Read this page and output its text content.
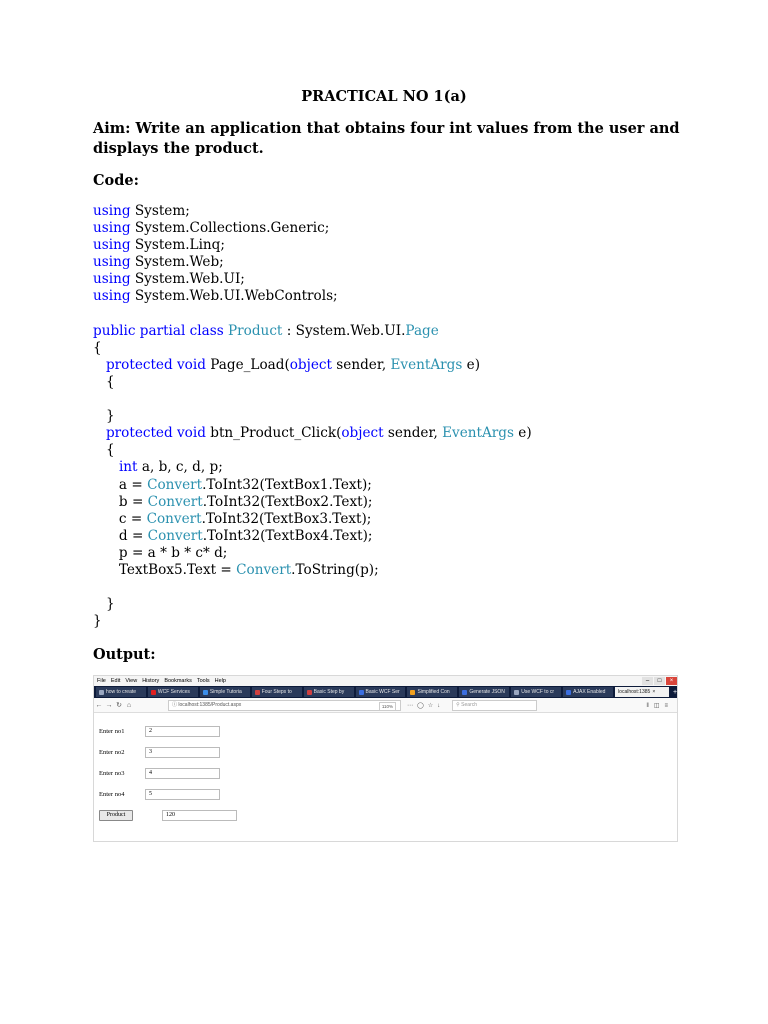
PRACTICAL NO 1(a)
Aim: Write an application that obtains four int values from the user and displays the product.
Code:
using System;
using System.Collections.Generic;
using System.Linq;
using System.Web;
using System.Web.UI;
using System.Web.UI.WebControls;
public partial class Product : System.Web.UI.Page
{
protected void Page_Load(object sender, EventArgs e)
{
}
protected void btn_Product_Click(object sender, EventArgs e)
{
int a, b, c, d, p;
a = Convert.ToInt32(TextBox1.Text);
b = Convert.ToInt32(TextBox2.Text);
c = Convert.ToInt32(TextBox3.Text);
d = Convert.ToInt32(TextBox4.Text);
p = a * b * c* d;
TextBox5.Text = Convert.ToString(p);
}
}
Output:
File Edit View History Bookmarks Tools Help	–	□	×
how to create	WCF Services	Simple Tutoria	Four Steps to	Basic Step by	Basic WCF Ser	Simplified Con	Generate JSON	Use WCF to cr	AJAX Enabled	localhost:1385 ×	+
← → ↻ ⌂	ⓘ localhost:1385/Product.aspx	110%	⋯◯☆↓	⚲ Search	‖◫≡
Enter no1	2
Enter no2	3
Enter no3	4
Enter no4	5
Product	120
